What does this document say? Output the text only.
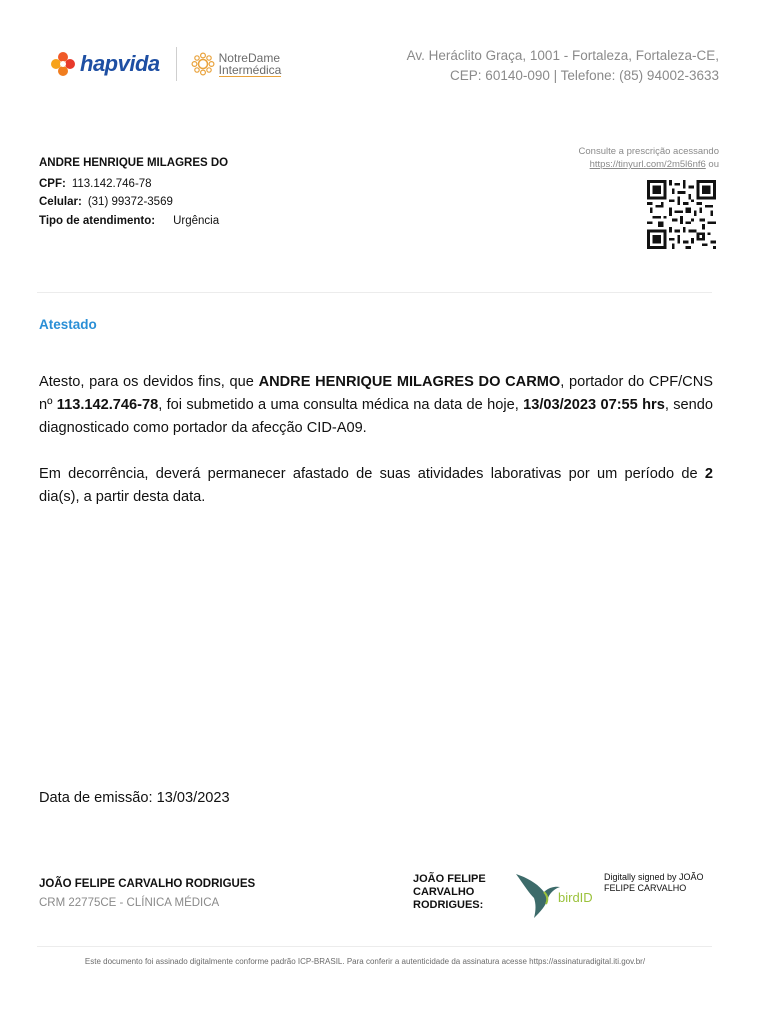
hapvida	NotreDame
Intermédica
Av. Heráclito Graça, 1001 - Fortaleza, Fortaleza-CE, CEP: 60140-090 | Telefone: (85) 94002-3633
ANDRE HENRIQUE MILAGRES DO
CPF: 113.142.746-78
Celular: (31) 99372-3569
Tipo de atendimento: Urgência
Consulte a prescrição acessando
https://tinyurl.com/2m5l6nf6 ou
Atestado

Atesto, para os devidos fins, que ANDRE HENRIQUE MILAGRES DO CARMO, portador do CPF/CNS nº 113.142.746-78, foi submetido a uma consulta médica na data de hoje, 13/03/2023 07:55 hrs, sendo diagnosticado como portador da afecção CID-A09.

Em decorrência, deverá permanecer afastado de suas atividades laborativas por um período de 2 dia(s), a partir desta data.

Data de emissão: 13/03/2023
JOÃO FELIPE CARVALHO RODRIGUES
CRM 22775CE - CLÍNICA MÉDICA
JOÃO FELIPE CARVALHO RODRIGUES:	birdID
Digitally signed by JOÃO FELIPE CARVALHO
Este documento foi assinado digitalmente conforme padrão ICP-BRASIL. Para conferir a autenticidade da assinatura acesse https://assinaturadigital.iti.gov.br/
